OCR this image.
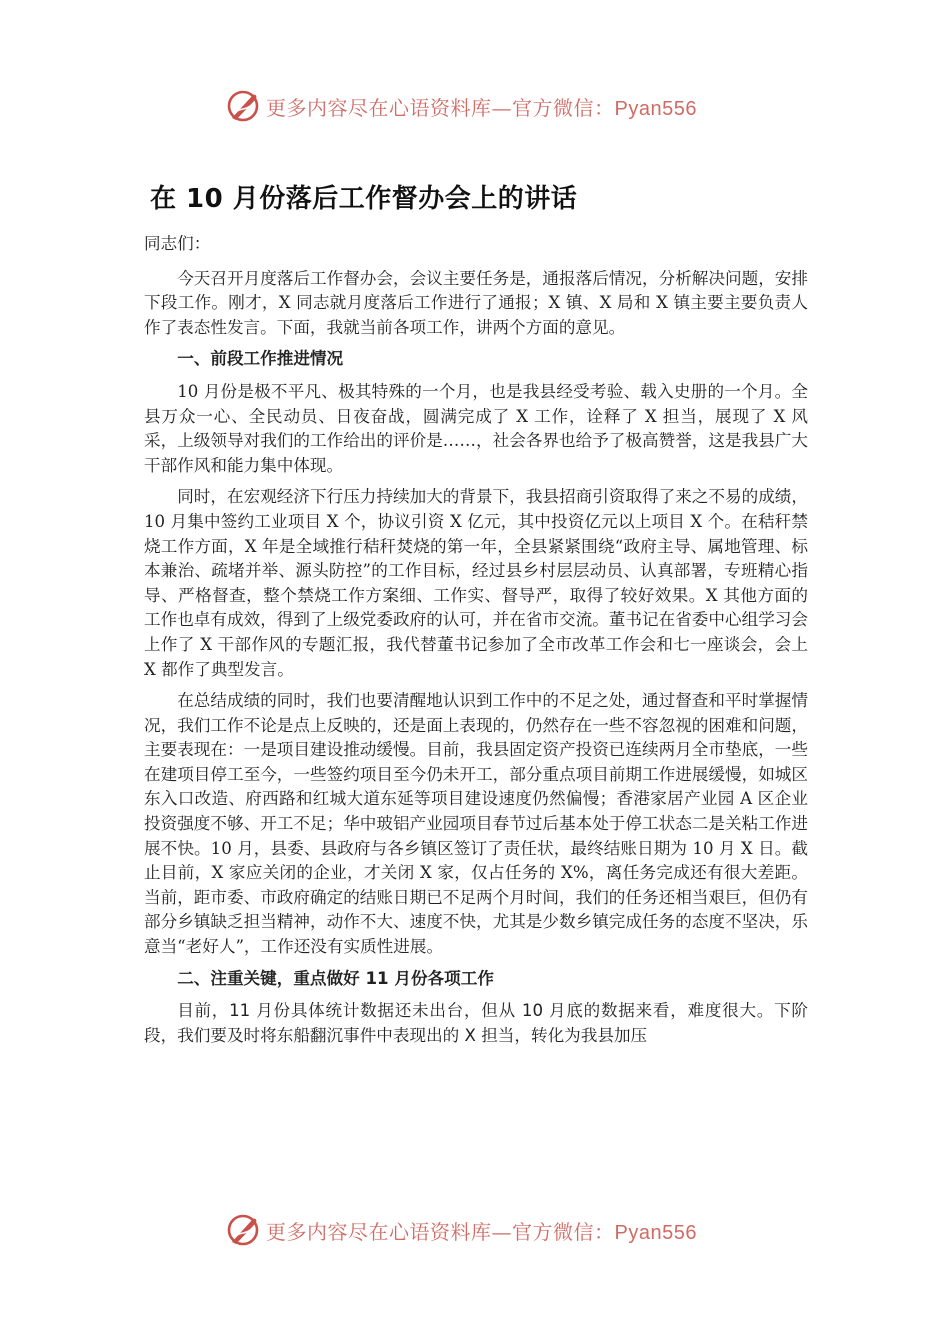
更多内容尽在心语资料库—官方微信：Pyan556
在 10 月份落后工作督办会上的讲话

同志们：

今天召开月度落后工作督办会，会议主要任务是，通报落后情况，分析解决问题，安排下段工作。刚才，X 同志就月度落后工作进行了通报；X 镇、X 局和 X 镇主要主要负责人作了表态性发言。下面，我就当前各项工作，讲两个方面的意见。

一、前段工作推进情况

10 月份是极不平凡、极其特殊的一个月，也是我县经受考验、载入史册的一个月。全县万众一心、全民动员、日夜奋战，圆满完成了 X 工作，诠释了 X 担当，展现了 X 风采，上级领导对我们的工作给出的评价是……，社会各界也给予了极高赞誉，这是我县广大干部作风和能力集中体现。

同时，在宏观经济下行压力持续加大的背景下，我县招商引资取得了来之不易的成绩，10 月集中签约工业项目 X 个，协议引资 X 亿元，其中投资亿元以上项目 X 个。在秸秆禁烧工作方面，X 年是全域推行秸秆焚烧的第一年，全县紧紧围绕“政府主导、属地管理、标本兼治、疏堵并举、源头防控”的工作目标，经过县乡村层层动员、认真部署，专班精心指导、严格督查，整个禁烧工作方案细、工作实、督导严，取得了较好效果。X 其他方面的工作也卓有成效，得到了上级党委政府的认可，并在省市交流。董书记在省委中心组学习会上作了 X 干部作风的专题汇报，我代替董书记参加了全市改革工作会和七一座谈会，会上 X 都作了典型发言。

在总结成绩的同时，我们也要清醒地认识到工作中的不足之处，通过督查和平时掌握情况，我们工作不论是点上反映的，还是面上表现的，仍然存在一些不容忽视的困难和问题，主要表现在：一是项目建设推动缓慢。目前，我县固定资产投资已连续两月全市垫底，一些在建项目停工至今，一些签约项目至今仍未开工，部分重点项目前期工作进展缓慢，如城区东入口改造、府西路和红城大道东延等项目建设速度仍然偏慢；香港家居产业园 A 区企业投资强度不够、开工不足；华中玻铝产业园项目春节过后基本处于停工状态二是关粘工作进展不快。10 月，县委、县政府与各乡镇区签订了责任状，最终结账日期为 10 月 X 日。截止目前，X 家应关闭的企业，才关闭 X 家，仅占任务的 X%，离任务完成还有很大差距。当前，距市委、市政府确定的结账日期已不足两个月时间，我们的任务还相当艰巨，但仍有部分乡镇缺乏担当精神，动作不大、速度不快，尤其是少数乡镇完成任务的态度不坚决，乐意当“老好人”，工作还没有实质性进展。

二、注重关键，重点做好 11 月份各项工作

目前，11 月份具体统计数据还未出台，但从 10 月底的数据来看，难度很大。下阶段，我们要及时将东船翻沉事件中表现出的 X 担当，转化为我县加压

更多内容尽在心语资料库—官方微信：Pyan556
